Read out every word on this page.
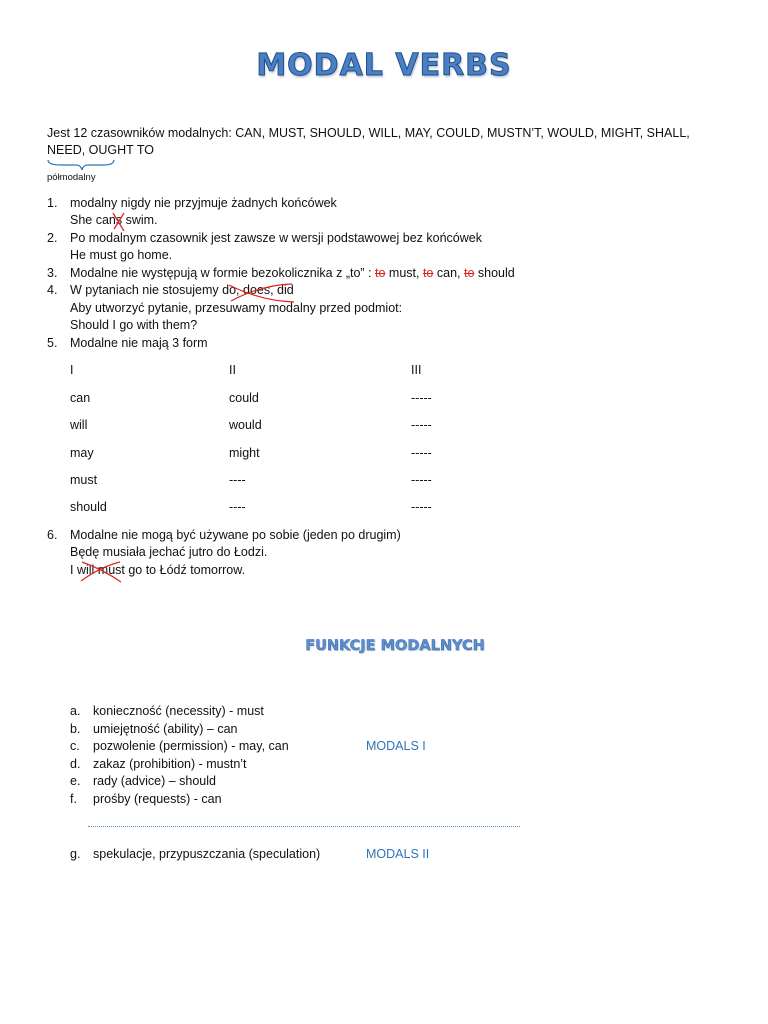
MODAL VERBS
Jest 12 czasowników modalnych: CAN, MUST, SHOULD, WILL, MAY, COULD, MUSTN’T, WOULD, MIGHT, SHALL,
NEED, OUGHT TO
półmodalny
1.	modalny nigdy nie przyjmuje żadnych końcówek
She cans swim.
2.	Po modalnym czasownik jest zawsze w wersji podstawowej bez końcówek
He must go home.
3.	Modalne nie występują w formie bezokolicznika z „to” : to must, to can, to should
4.	W pytaniach nie stosujemy do, does, did
Aby utworzyć pytanie, przesuwamy modalny przed podmiot:
Should I go with them?
5.	Modalne nie mają 3 form
I	II	III
can	could	-----
will	would	-----
may	might	-----
must	----	-----
should	----	-----
6.	Modalne nie mogą być używane po sobie (jeden po drugim)
Będę musiała jechać jutro do Łodzi.
I will must go to Łódź tomorrow.
FUNKCJE MODALNYCH
a.	konieczność (necessity) - must
b.	umiejętność (ability) – can
c.	pozwolenie (permission) - may, can	MODALS I
d.	zakaz (prohibition) - mustn’t
e.	rady (advice) – should
f.	prośby (requests) - can
g.	spekulacje, przypuszczania (speculation)	MODALS II
